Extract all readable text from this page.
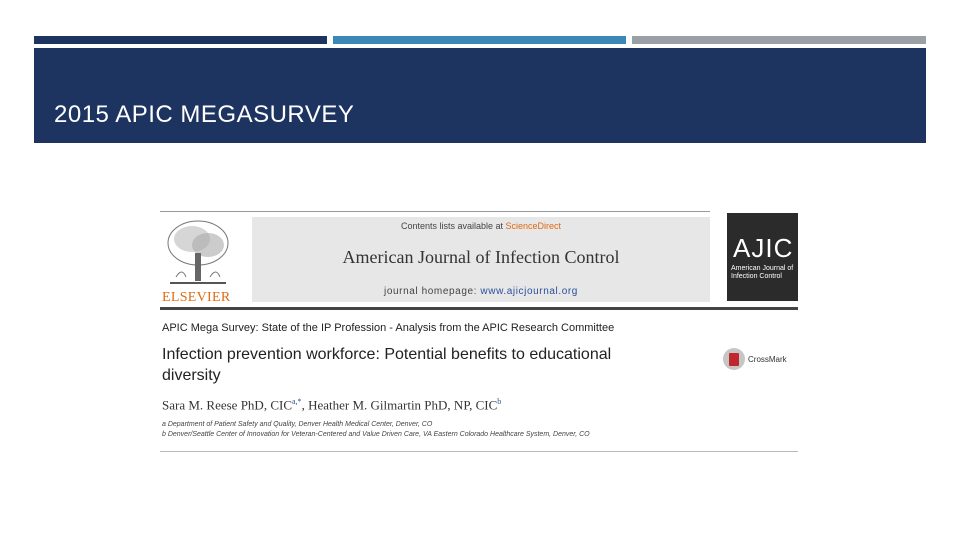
2015 APIC MEGASURVEY
ELSEVIER
Contents lists available at ScienceDirect
American Journal of Infection Control
journal homepage: www.ajicjournal.org
AJIC
American Journal of Infection Control
APIC Mega Survey: State of the IP Profession - Analysis from the APIC Research Committee
Infection prevention workforce: Potential benefits to educational diversity
CrossMark
Sara M. Reese PhD, $CIC^{a,*}$, Heather M. Gilmartin PhD, NP, CIC$^b$
a Department of Patient Safety and Quality, Denver Health Medical Center, Denver, CO
b Denver/Seattle Center of Innovation for Veteran-Centered and Value Driven Care, VA Eastern Colorado Healthcare System, Denver, CO
